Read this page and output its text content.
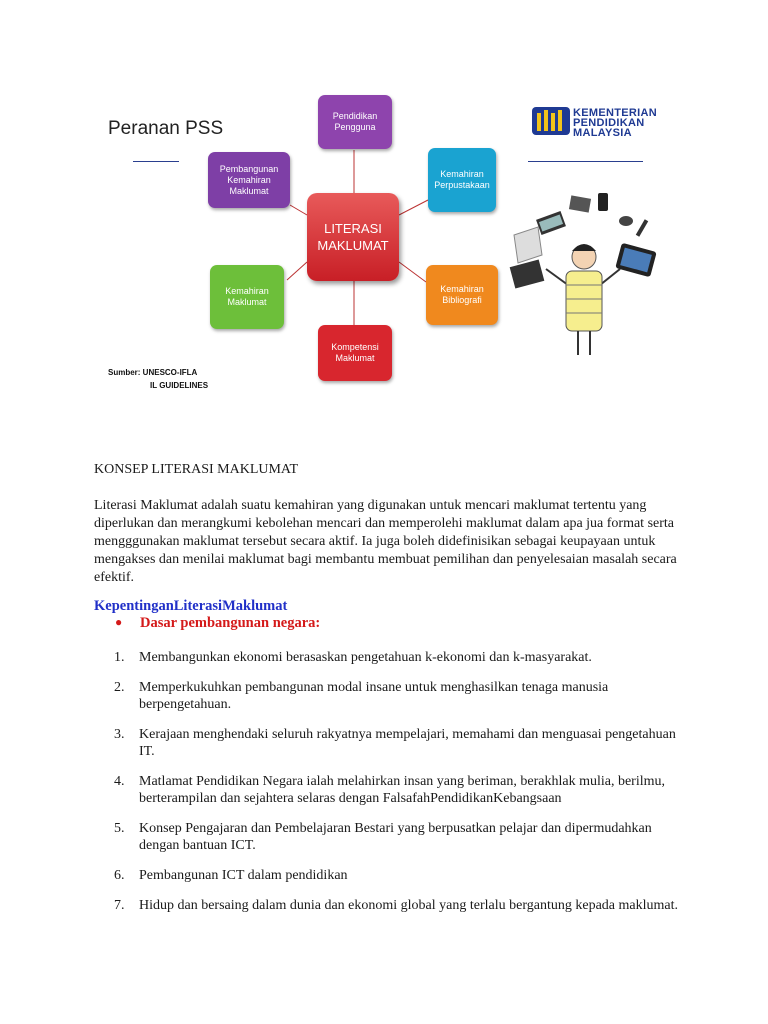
Peranan PSS
Pendidikan
Pengguna
Kemahiran
Perpustakaan
Kemahiran
Bibliografi
Kompetensi
Maklumat
Kemahiran
Maklumat
Pembangunan
Kemahiran
Maklumat
LITERASI
MAKLUMAT
Sumber: UNESCO-IFLA
IL GUIDELINES
KEMENTERIAN
PENDIDIKAN
MALAYSIA
KONSEP LITERASI MAKLUMAT
Literasi Maklumat adalah suatu kemahiran yang digunakan untuk mencari maklumat tertentu yang diperlukan dan merangkumi kebolehan mencari dan memperolehi maklumat dalam apa jua format serta mengggunakan maklumat tersebut secara aktif. Ia juga boleh didefinisikan sebagai keupayaan untuk mengakses dan menilai maklumat bagi membantu membuat pemilihan dan penyelesaian masalah secara efektif.
KepentinganLiterasiMaklumat
●	Dasar pembangunan negara:
1.	Membangunkan ekonomi berasaskan pengetahuan k-ekonomi dan k-masyarakat.
2.	Memperkukuhkan pembangunan modal insane untuk menghasilkan tenaga manusia berpengetahuan.
3.	Kerajaan menghendaki seluruh rakyatnya mempelajari, memahami dan menguasai pengetahuan IT.
4.	Matlamat Pendidikan Negara ialah melahirkan insan yang beriman, berakhlak mulia, berilmu, berterampilan dan sejahtera selaras dengan FalsafahPendidikanKebangsaan
5.	Konsep Pengajaran dan Pembelajaran Bestari yang berpusatkan pelajar dan dipermudahkan dengan bantuan ICT.
6.	Pembangunan ICT dalam pendidikan
7.	Hidup dan bersaing dalam dunia dan ekonomi global yang terlalu bergantung kepada maklumat.
